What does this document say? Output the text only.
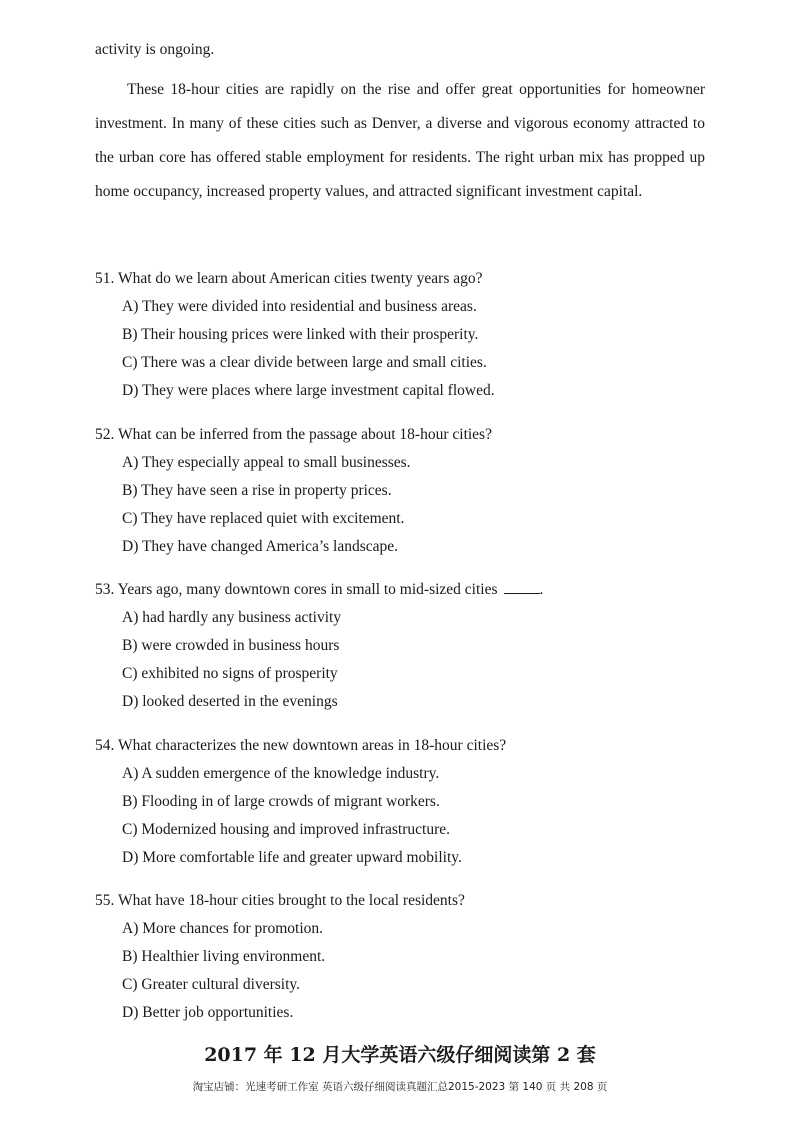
activity is ongoing.

These 18-hour cities are rapidly on the rise and offer great opportunities for homeowner investment. In many of these cities such as Denver, a diverse and vigorous economy attracted to the urban core has offered stable employment for residents. The right urban mix has propped up home occupancy, increased property values, and attracted significant investment capital.

51. What do we learn about American cities twenty years ago?
A) They were divided into residential and business areas.
B) Their housing prices were linked with their prosperity.
C) There was a clear divide between large and small cities.
D) They were places where large investment capital flowed.
52. What can be inferred from the passage about 18-hour cities?
A) They especially appeal to small businesses.
B) They have seen a rise in property prices.
C) They have replaced quiet with excitement.
D) They have changed America’s landscape.
53. Years ago, many downtown cores in small to mid-sized cities	.
A) had hardly any business activity
B) were crowded in business hours
C) exhibited no signs of prosperity
D) looked deserted in the evenings
54. What characterizes the new downtown areas in 18-hour cities?
A) A sudden emergence of the knowledge industry.
B) Flooding in of large crowds of migrant workers.
C) Modernized housing and improved infrastructure.
D) More comfortable life and greater upward mobility.
55. What have 18-hour cities brought to the local residents?
A) More chances for promotion.
B) Healthier living environment.
C) Greater cultural diversity.
D) Better job opportunities.
2017 年 12 月大学英语六级仔细阅读第 2 套
淘宝店铺：光速考研工作室 英语六级仔细阅读真题汇总2015-2023 第 140 页 共 208 页
